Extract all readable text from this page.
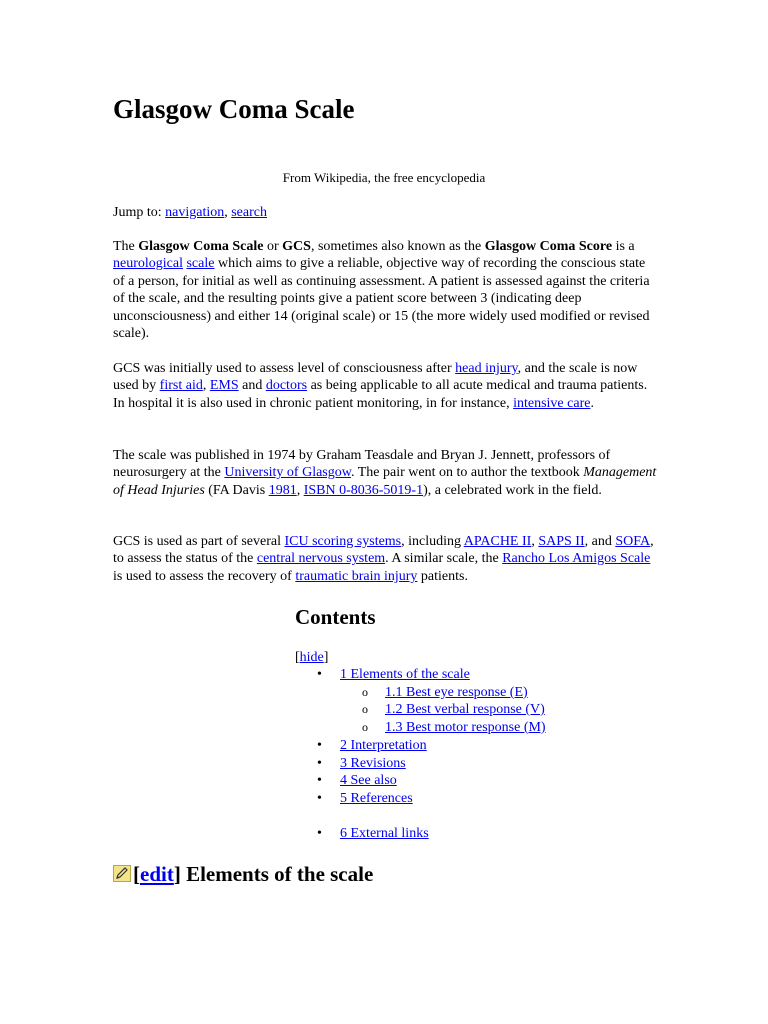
Glasgow Coma Scale
From Wikipedia, the free encyclopedia
Jump to: navigation, search

The Glasgow Coma Scale or GCS, sometimes also known as the Glasgow Coma Score is a neurological scale which aims to give a reliable, objective way of recording the conscious state of a person, for initial as well as continuing assessment. A patient is assessed against the criteria of the scale, and the resulting points give a patient score between 3 (indicating deep unconsciousness) and either 14 (original scale) or 15 (the more widely used modified or revised scale).

GCS was initially used to assess level of consciousness after head injury, and the scale is now used by first aid, EMS and doctors as being applicable to all acute medical and trauma patients. In hospital it is also used in chronic patient monitoring, in for instance, intensive care.

The scale was published in 1974 by Graham Teasdale and Bryan J. Jennett, professors of neurosurgery at the University of Glasgow. The pair went on to author the textbook Management of Head Injuries (FA Davis 1981, ISBN 0-8036-5019-1), a celebrated work in the field.

GCS is used as part of several ICU scoring systems, including APACHE II, SAPS II, and SOFA, to assess the status of the central nervous system. A similar scale, the Rancho Los Amigos Scale is used to assess the recovery of traumatic brain injury patients.

Contents
[hide]
• 1 Elements of the scale
o 1.1 Best eye response (E)
o 1.2 Best verbal response (V)
o 1.3 Best motor response (M)
• 2 Interpretation
• 3 Revisions
• 4 See also
• 5 References
• 6 External links
[edit] Elements of the scale
